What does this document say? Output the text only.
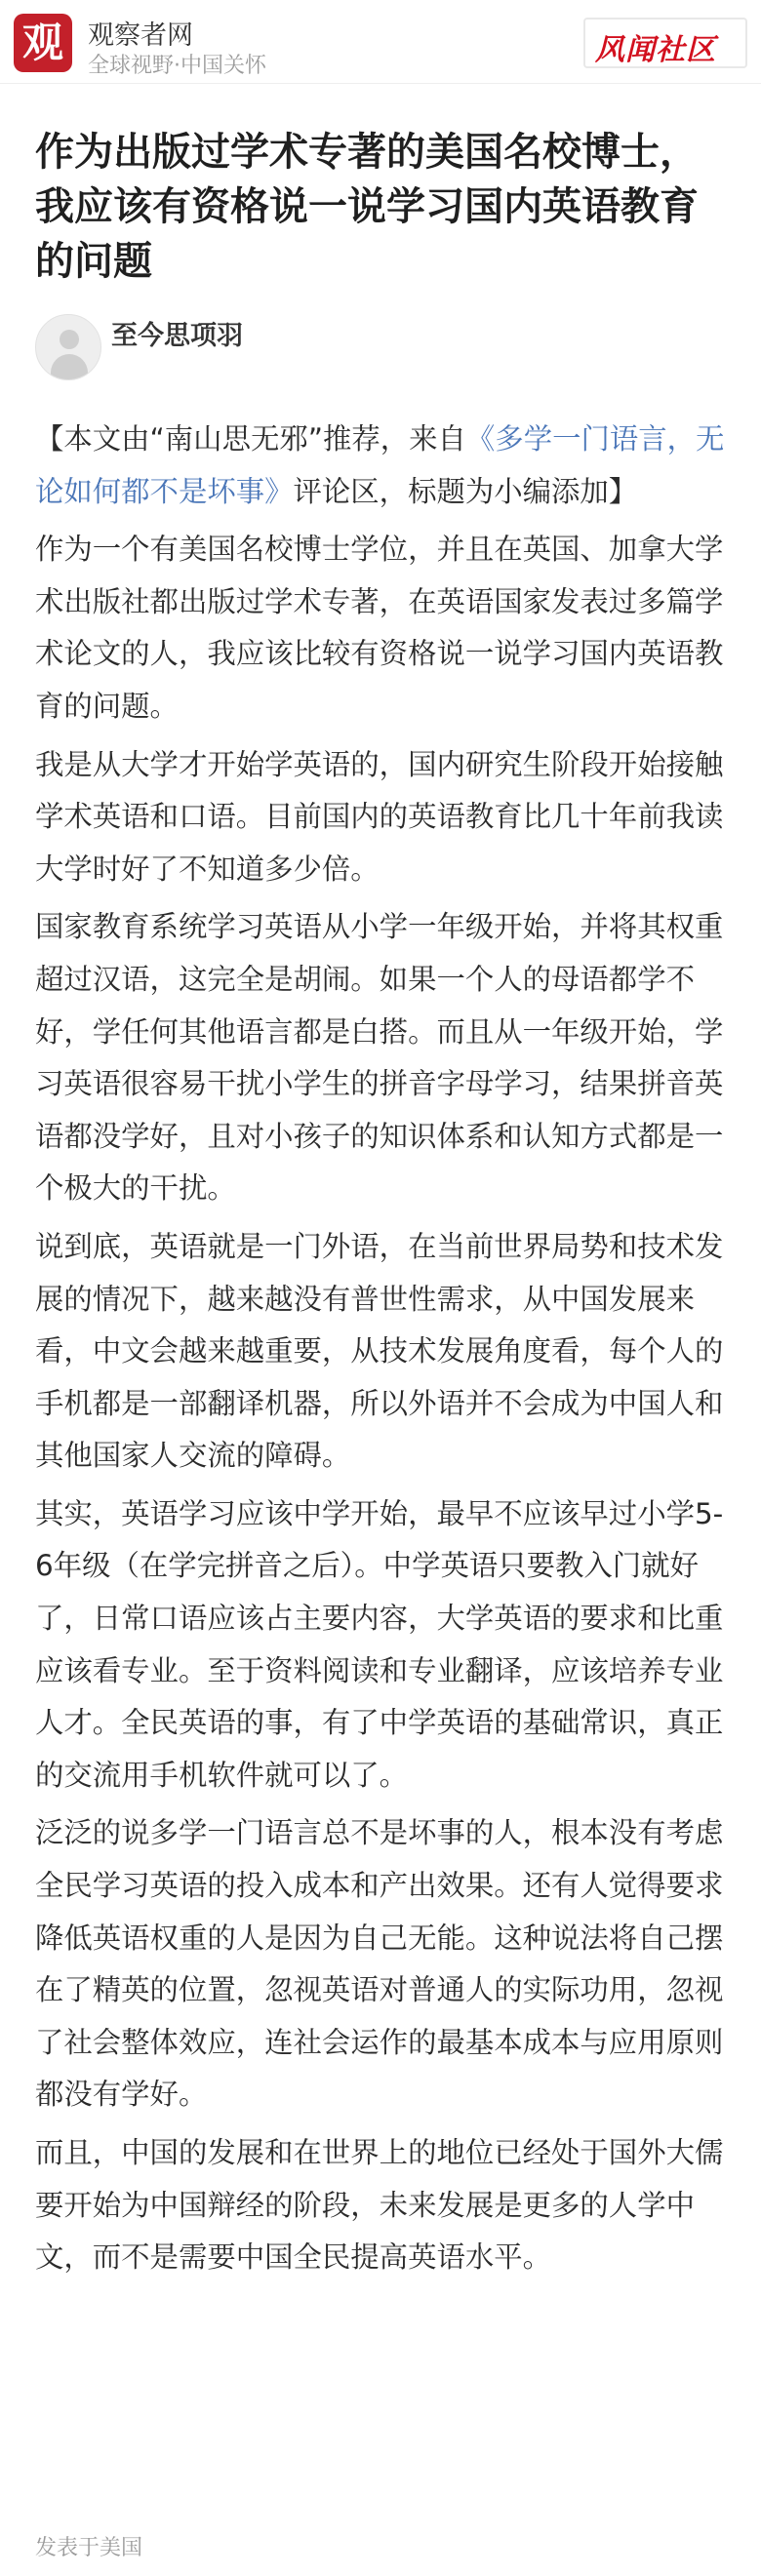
观 观察者网
全球视野·中国关怀	风闻社区
作为出版过学术专著的美国名校博士，我应该有资格说一说学习国内英语教育的问题
至今思项羽

【本文由“南山思无邪”推荐，来自《多学一门语言，无论如何都不是坏事》评论区，标题为小编添加】

作为一个有美国名校博士学位，并且在英国、加拿大学术出版社都出版过学术专著，在英语国家发表过多篇学术论文的人，我应该比较有资格说一说学习国内英语教育的问题。

我是从大学才开始学英语的，国内研究生阶段开始接触学术英语和口语。目前国内的英语教育比几十年前我读大学时好了不知道多少倍。

国家教育系统学习英语从小学一年级开始，并将其权重超过汉语，这完全是胡闹。如果一个人的母语都学不好，学任何其他语言都是白搭。而且从一年级开始，学习英语很容易干扰小学生的拼音字母学习，结果拼音英语都没学好，且对小孩子的知识体系和认知方式都是一个极大的干扰。

说到底，英语就是一门外语，在当前世界局势和技术发展的情况下，越来越没有普世性需求，从中国发展来看，中文会越来越重要，从技术发展角度看，每个人的手机都是一部翻译机器，所以外语并不会成为中国人和其他国家人交流的障碍。

其实，英语学习应该中学开始，最早不应该早过小学5-6年级（在学完拼音之后）。中学英语只要教入门就好了，日常口语应该占主要内容，大学英语的要求和比重应该看专业。至于资料阅读和专业翻译，应该培养专业人才。全民英语的事，有了中学英语的基础常识，真正的交流用手机软件就可以了。

泛泛的说多学一门语言总不是坏事的人，根本没有考虑全民学习英语的投入成本和产出效果。还有人觉得要求降低英语权重的人是因为自己无能。这种说法将自己摆在了精英的位置，忽视英语对普通人的实际功用，忽视了社会整体效应，连社会运作的最基本成本与应用原则都没有学好。

而且，中国的发展和在世界上的地位已经处于国外大儒要开始为中国辩经的阶段，未来发展是更多的人学中文，而不是需要中国全民提高英语水平。

发表于美国
